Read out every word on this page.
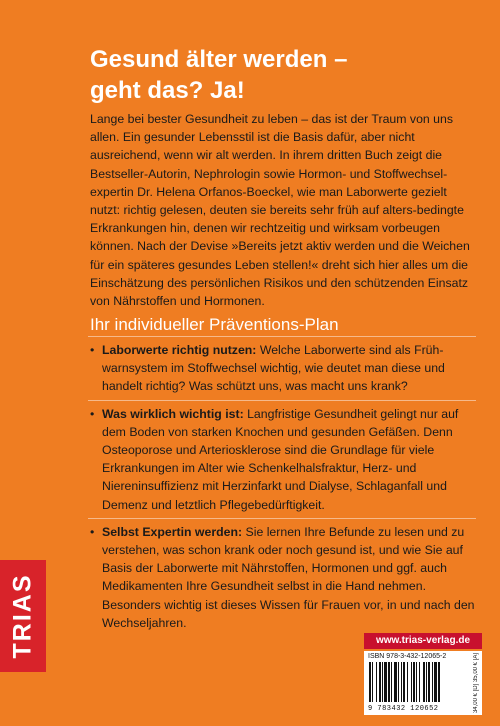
Gesund älter werden –
geht das? Ja!

Lange bei bester Gesundheit zu leben – das ist der Traum von uns allen. Ein gesunder Lebensstil ist die Basis dafür, aber nicht ausreichend, wenn wir alt werden. In ihrem dritten Buch zeigt die Bestseller-Autorin, Nephrologin sowie Hormon- und Stoffwechsel-expertin Dr. Helena Orfanos-Boeckel, wie man Laborwerte gezielt nutzt: richtig gelesen, deuten sie bereits sehr früh auf alters-bedingte Erkrankungen hin, denen wir rechtzeitig und wirksam vorbeugen können. Nach der Devise »Bereits jetzt aktiv werden und die Weichen für ein späteres gesundes Leben stellen!« dreht sich hier alles um die Einschätzung des persönlichen Risikos und den schützenden Einsatz von Nährstoffen und Hormonen.

Ihr individueller Präventions-Plan
• Laborwerte richtig nutzen: Welche Laborwerte sind als Früh-warnsystem im Stoffwechsel wichtig, wie deutet man diese und handelt richtig? Was schützt uns, was macht uns krank?
• Was wirklich wichtig ist: Langfristige Gesundheit gelingt nur auf dem Boden von starken Knochen und gesunden Gefäßen. Denn Osteoporose und Arteriosklerose sind die Grundlage für viele Erkrankungen im Alter wie Schenkelhalsfraktur, Herz- und Niereninsuffizienz mit Herzinfarkt und Dialyse, Schlaganfall und Demenz und letztlich Pflegebedürftigkeit.
• Selbst Expertin werden: Sie lernen Ihre Befunde zu lesen und zu verstehen, was schon krank oder noch gesund ist, und wie Sie auf Basis der Laborwerte mit Nährstoffen, Hormonen und ggf. auch Medikamenten Ihre Gesundheit selbst in die Hand nehmen. Besonders wichtig ist dieses Wissen für Frauen vor, in und nach den Wechseljahren.
TRIAS	www.trias-verlag.de
ISBN 978-3-432-12065-2	34,00 € [D] 35,00 € [A]
9 783432 120652
